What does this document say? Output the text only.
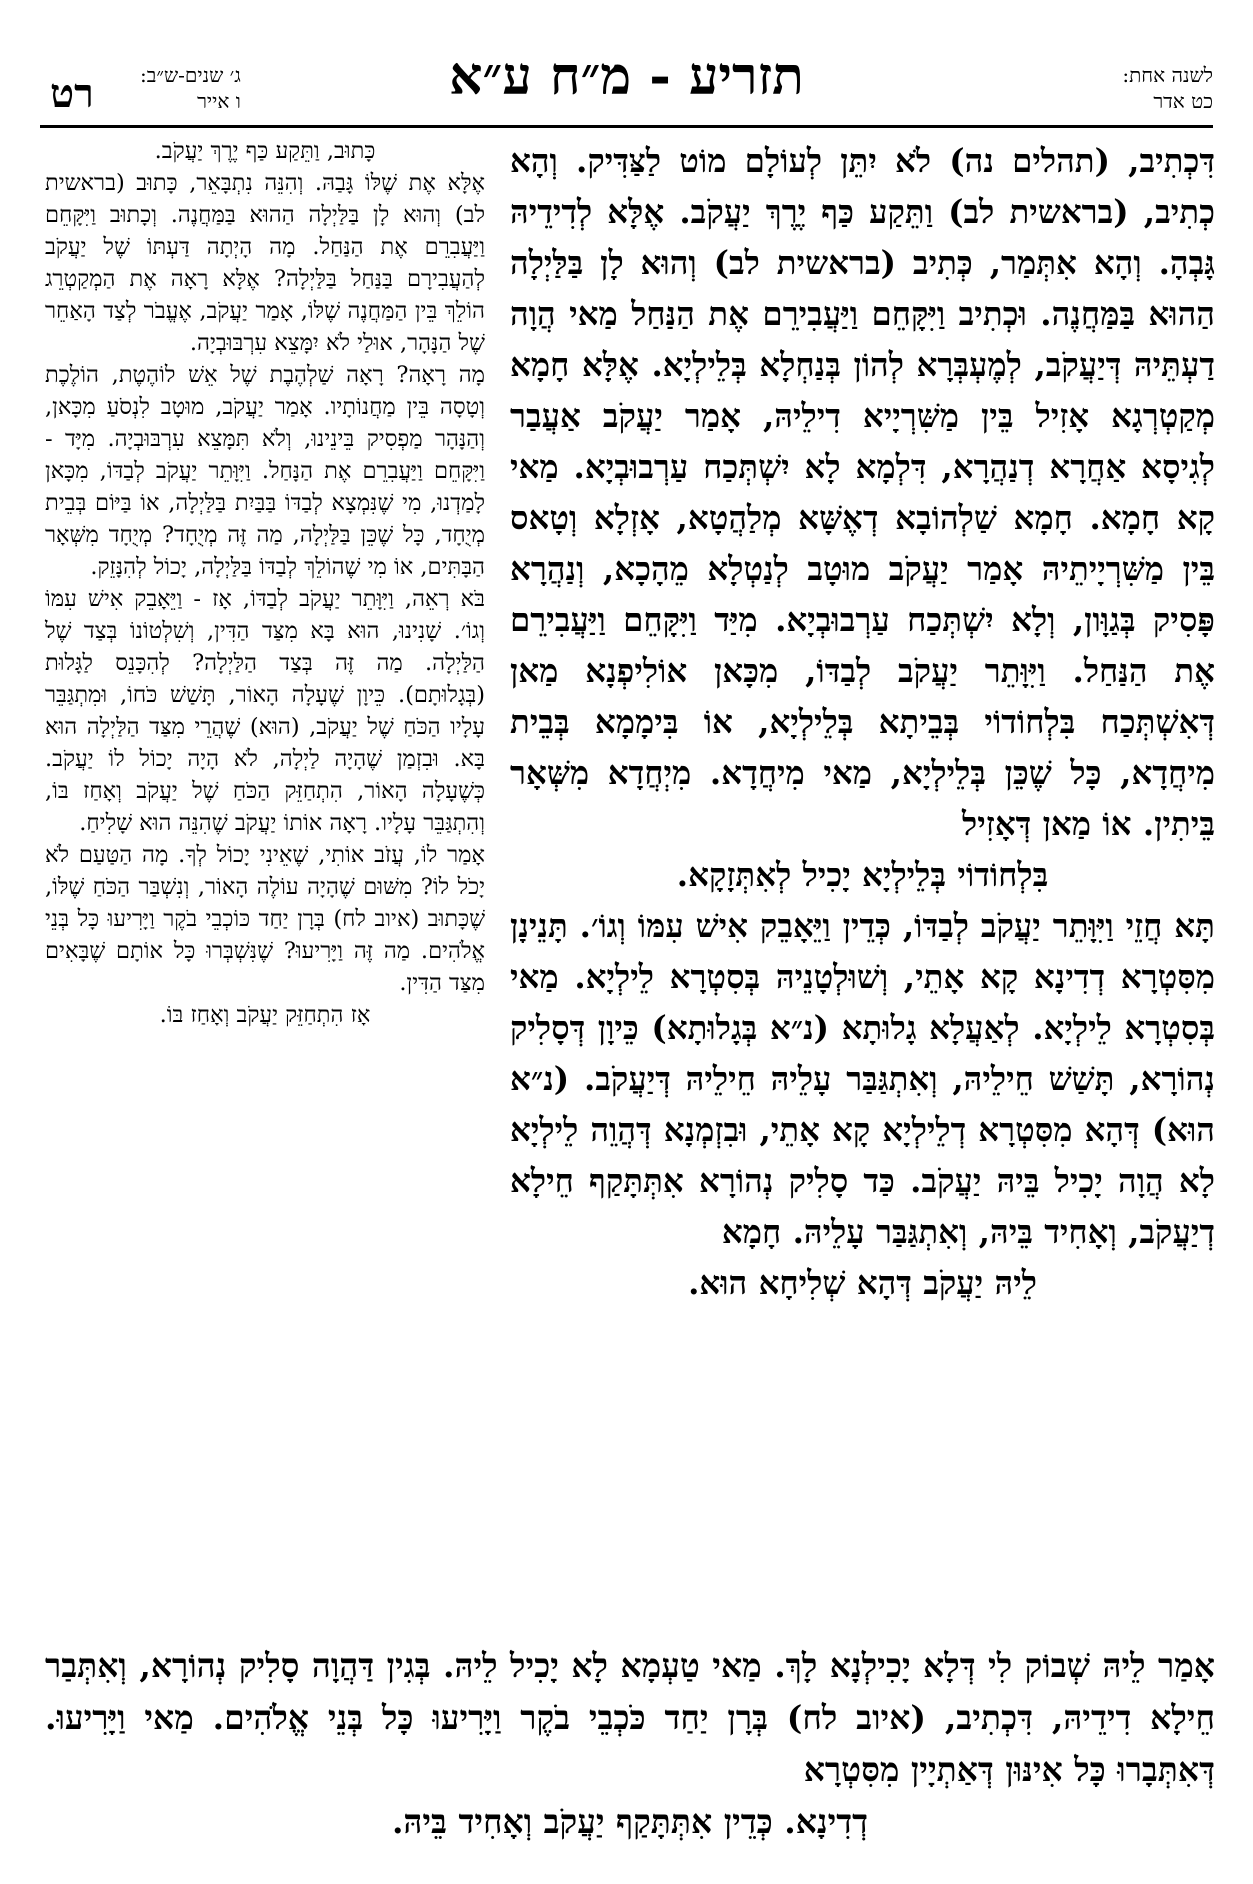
לשנה אחת:
כט אדר
תזריע - מ״ח ע״א
ג׳ שנים-ש״ב:
ו אייר
רט

דִּכְתִיב, (תהלים נה) לֹא יִתֵּן לְעוֹלָם מוֹט לַצַּדִּיק. וְהָא כְתִיב, (בראשית לב) וַתֵּקַע כַּף יֶרֶךְ יַעֲקֹב. אֶלָּא לְדִידֵיהּ גָּבְהָ. וְהָא אִתְּמַר, כְּתִיב (בראשית לב) וְהוּא לָן בַּלַּיְלָה הַהוּא בַּמַּחֲנֶה. וּכְתִיב וַיִּקָּחֵם וַיַּעֲבִירֵם אֶת הַנַּחַל מַאי הֲוָה דַעְתֵּיהּ דְּיַעֲקֹב, לְמֶעְבְּרָא לְהוֹן בְּנַחְלָא בְּלֵילְיָא. אֶלָּא חָמָא מְקַטְרְגָא אָזִיל בֵּין מַשִּׁרְיָיא דִילֵיהּ, אָמַר יַעֲקֹב אַעֲבַר לְגִיסָא אַחֲרָא דְנַהֲרָא, דִּלְמָא לָא יִשְׁתְּכַח עַרְבוּבְיָא. מַאי קָא חָמָא. חָמָא שַׁלְהוֹבָא דְאֶשָּׁא מְלַהֲטָא, אָזְלָא וְטָאס בֵּין מַשִּׁרְיָיתֵיהּ אָמַר יַעֲקֹב מוּטָב לְנַטְלָא מֵהָכָא, וְנַהֲרָא פָּסִיק בְּגַוָּון, וְלָא יִשְׁתְּכַח עַרְבוּבְיָא. מִיַּד וַיִּקָּחֵם וַיַּעֲבִירֵם אֶת הַנַּחַל. וַיִּוָּתֵר יַעֲקֹב לְבַדּוֹ, מִכָּאן אוֹלִיפְנָא מַאן דְּאִשְׁתְּכַח בִּלְחוֹדוֹי בְּבֵיתָא בְּלֵילְיָא, אוֹ בִּימָמָא בְּבֵית מִיחֲדָא, כָּל שֶׁכֵּן בְּלֵילְיָא, מַאי מִיחֲדָא. מִיְחֲדָא מִשְּׁאָר בֵּיתִין. אוֹ מַאן דְּאָזִיל

בִּלְחוֹדוֹי בְּלֵילְיָא יָכִיל לְאִתְּזָקָא.

תָּא חֲזֵי וַיִּוָּתֵר יַעֲקֹב לְבַדּוֹ, כְּדֵין וַיֵּאָבֵק אִישׁ עִמּוֹ וְגוֹ׳. תָּנֵינָן מִסִּטְרָא דְדִינָא קָא אָתֵי, וְשׁוּלְטָנֵיהּ בְּסִטְרָא לֵילְיָא. מַאי בְּסִטְרָא לֵילְיָא. לְאַעֲלָא גָלוּתָא (נ״א בְּגָלוּתָא) כֵּיוָן דְּסָלִיק נְהוֹרָא, תָּשַׁשׁ חֵילֵיהּ, וְאִתְגַּבַּר עָלֵיהּ חֵילֵיהּ דְּיַעֲקֹב. (נ״א הוּא) דְּהָא מִסִּטְרָא דְלֵילְיָא קָא אָתֵי, וּבִזְמְנָא דְּהֲוֵה לֵילְיָא לָא הֲוָה יָכִיל בֵּיהּ יַעֲקֹב. כַּד סָלִיק נְהוֹרָא אִתְּתָּקַף חֵילָא דְיַעֲקֹב, וְאָחִיד בֵּיהּ, וְאִתְגַּבַּר עָלֵיהּ. חָמָא

לֵיהּ יַעֲקֹב דְּהָא שְׁלִיחָא הוּא.

כָּתוּב, וַתֵּקַע כַּף יֶרֶךְ יַעֲקֹב.

אֶלָּא אֶת שֶׁלּוֹ גָּבַהּ. וְהִנֵּה נִתְבָּאֵר, כָּתוּב (בראשית לב) וְהוּא לָן בַּלַּיְלָה הַהוּא בַּמַּחֲנֶה. וְכָתוּב וַיִּקָּחֵם וַיַּעֲבִרֵם אֶת הַנַּחַל. מָה הָיְתָה דַּעְתּוֹ שֶׁל יַעֲקֹב לְהַעֲבִירָם בַּנַּחַל בַּלַּיְלָה? אֶלָּא רָאָה אֶת הַמְקַטְרֵג הוֹלֵךְ בֵּין הַמַּחֲנֶה שֶׁלּוֹ, אָמַר יַעֲקֹב, אֶעֱבֹר לְצַד הָאַחֵר שֶׁל הַנָּהָר, אוּלַי לֹא יִמָּצֵא עִרְבּוּבְיָה.

מָה רָאָה? רָאָה שַׁלְהֶבֶת שֶׁל אֵשׁ לוֹהֶטֶת, הוֹלֶכֶת וְטָסָה בֵּין מַחֲנוֹתָיו. אָמַר יַעֲקֹב, מוּטָב לִנְסֹעַ מִכָּאן, וְהַנָּהָר מַפְסִיק בֵּינֵינוּ, וְלֹא תִּמָּצֵא עִרְבּוּבְיָה. מִיָּד - וַיִּקָּחֵם וַיַּעֲבִרֵם אֶת הַנָּחַל. וַיִּוָּתֵר יַעֲקֹב לְבַדּוֹ, מִכָּאן לָמַדְנוּ, מִי שֶׁנִּמְצָא לְבַדּוֹ בַּבַּיִת בַּלַּיְלָה, אוֹ בַּיּוֹם בְּבֵית מְיֻחָד, כָּל שֶׁכֵּן בַּלַּיְלָה, מַה זֶּה מְיֻחָד? מְיֻחָד מִשְּׁאָר הַבָּתִּים, אוֹ מִי שֶׁהוֹלֵךְ לְבַדּוֹ בַּלַּיְלָה, יָכוֹל לְהִנָּזֵק.

בֹּא רְאֵה, וַיִּוָּתֵר יַעֲקֹב לְבַדּוֹ, אָז - וַיֵּאָבֵק אִישׁ עִמּוֹ וְגוֹ׳. שָׁנִינוּ, הוּא בָּא מִצַּד הַדִּין, וְשִׁלְטוֹנוֹ בְּצַד שֶׁל הַלַּיְלָה. מַה זֶּה בְּצַד הַלַּיְלָה? לְהִכָּנֵס לַגָּלוּת (בְּגָלוּתָם). כֵּיוָן שֶׁעָלָה הָאוֹר, תָּשַׁשׁ כֹּחוֹ, וּמִתְגַּבֵּר עָלָיו הַכֹּחַ שֶׁל יַעֲקֹב, (הוּא) שֶׁהֲרֵי מִצַּד הַלַּיְלָה הוּא בָּא. וּבִזְמַן שֶׁהָיָה לַיְלָה, לֹא הָיָה יָכוֹל לוֹ יַעֲקֹב. כְּשֶׁעָלָה הָאוֹר, הִתְחַזֵּק הַכֹּחַ שֶׁל יַעֲקֹב וְאָחַז בּוֹ, וְהִתְגַּבֵּר עָלָיו. רָאָה אוֹתוֹ יַעֲקֹב שֶׁהִנֵּה הוּא שָׁלִיחַ.

אָמַר לוֹ, עֲזֹב אוֹתִי, שֶׁאֵינִי יָכוֹל לְךָ. מָה הַטַּעַם לֹא יָכֹל לוֹ? מִשּׁוּם שֶׁהָיָה עוֹלֶה הָאוֹר, וְנִשְׁבַּר הַכֹּחַ שֶׁלּוֹ, שֶׁכָּתוּב (איוב לח) בְּרָן יַחַד כּוֹכְבֵי בֹקֶר וַיָּרִיעוּ כָּל בְּנֵי אֱלֹהִים. מַה זֶּה וַיָּרִיעוּ? שֶׁנִּשְׁבְּרוּ כָּל אוֹתָם שֶׁבָּאִים מִצַּד הַדִּין.

אָז הִתְחַזֵּק יַעֲקֹב וְאָחַז בּוֹ.

אָמַר לֵיהּ שְׁבוֹק לִי דְּלָא יָכִילְנָא לָךְ. מַאי טַעְמָא לָא יָכִיל לֵיהּ. בְּגִין דַּהֲוָה סָלִיק נְהוֹרָא, וְאִתְּבַר חֵילָא דִידֵיהּ, דִּכְתִיב, (איוב לח) בְּרָן יַחַד כֹּכְבֵי בֹקֶר וַיָּרִיעוּ כָּל בְּנֵי אֱלֹהִים. מַאי וַיָּרִיעוּ. דְּאִתְּבָרוּ כָּל אִינּוּן דְּאַתְיָין מִסִּטְרָא

דְדִינָא. כְּדֵין אִתְּתָּקַף יַעֲקֹב וְאָחִיד בֵּיהּ.
